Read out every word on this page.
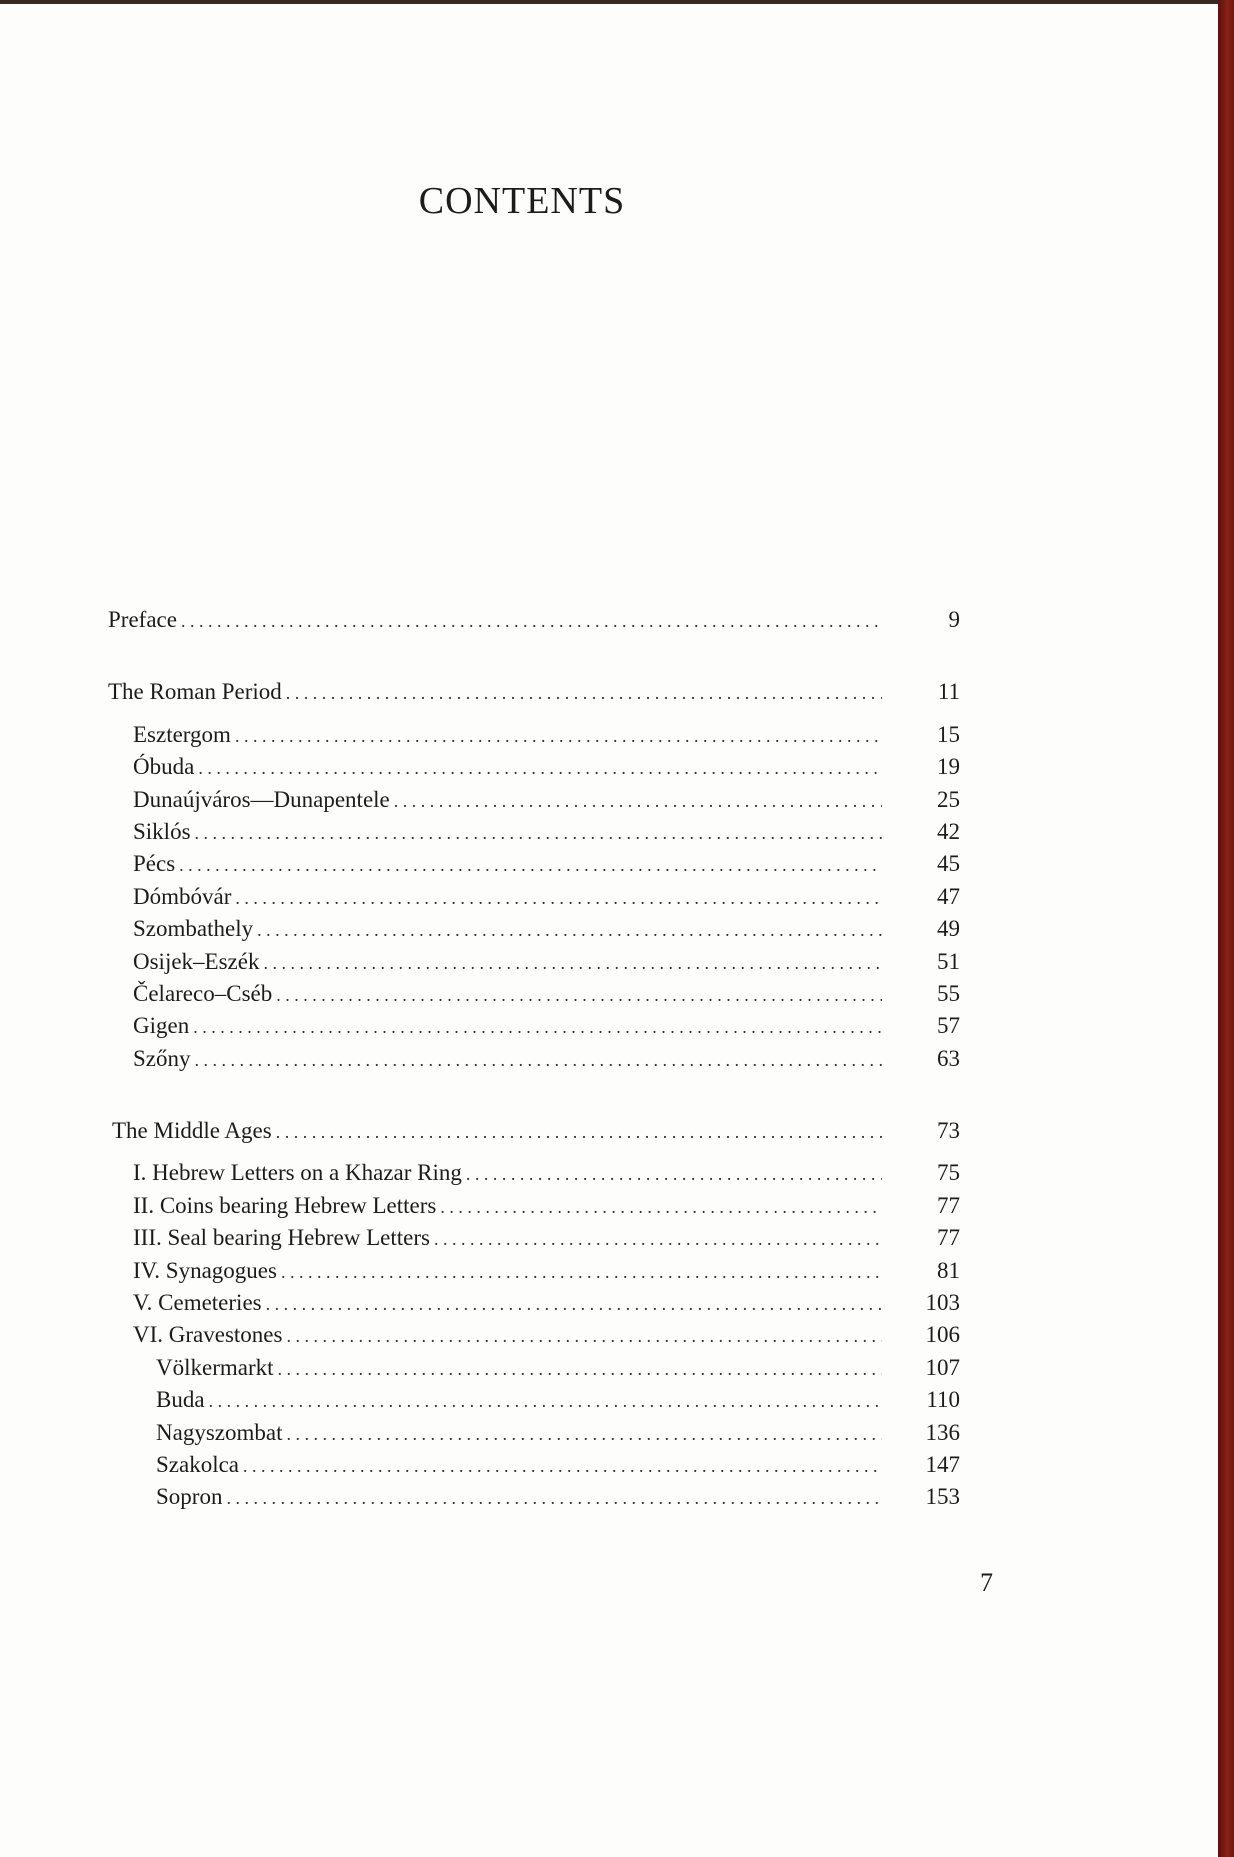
CONTENTS
Preface . . .	9
The Roman Period . . .	11
Esztergom . . .	15
Óbuda . . .	19
Dunaújváros—Dunapentele . . .	25
Siklós . . .	42
Pécs . . .	45
Dómbóvár . . .	47
Szombathely . . .	49
Osijek–Eszék . . .	51
Čelareco–Cséb . . .	55
Gigen . . .	57
Szőny . . .	63
The Middle Ages . . .	73
I. Hebrew Letters on a Khazar Ring . . .	75
II. Coins bearing Hebrew Letters . . .	77
III. Seal bearing Hebrew Letters . . .	77
IV. Synagogues . . .	81
V. Cemeteries . . .	103
VI. Gravestones . . .	106
Völkermarkt . . .	107
Buda . . .	110
Nagyszombat . . .	136
Szakolca . . .	147
Sopron . . .	153
7
